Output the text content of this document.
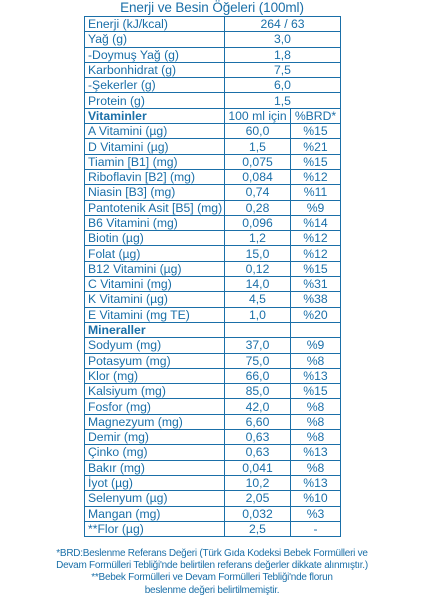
Enerji ve Besin Öğeleri (100ml)
Enerji (kJ/kcal)	264 / 63	
Yağ (g)	3,0	
-Doymuş Yağ (g)	1,8	
Karbonhidrat (g)	7,5	
-Şekerler (g)	6,0	
Protein (g)	1,5	
Vitaminler	100 ml için	%BRD*
A Vitamini (µg)	60,0	%15
D Vitamini (µg)	1,5	%21
Tiamin [B1] (mg)	0,075	%15
Riboflavin [B2] (mg)	0,084	%12
Niasin [B3] (mg)	0,74	%11
Pantotenik Asit [B5] (mg)	0,28	%9
B6 Vitamini (mg)	0,096	%14
Biotin (µg)	1,2	%12
Folat (µg)	15,0	%12
B12 Vitamini (µg)	0,12	%15
C Vitamini (mg)	14,0	%31
K Vitamini (µg)	4,5	%38
E Vitamini (mg TE)	1,0	%20
Mineraller		
Sodyum (mg)	37,0	%9
Potasyum (mg)	75,0	%8
Klor (mg)	66,0	%13
Kalsiyum (mg)	85,0	%15
Fosfor (mg)	42,0	%8
Magnezyum (mg)	6,60	%8
Demir (mg)	0,63	%8
Çinko (mg)	0,63	%13
Bakır (mg)	0,041	%8
İyot (µg)	10,2	%13
Selenyum (µg)	2,05	%10
Mangan (mg)	0,032	%3
**Flor (µg)	2,5	-
*BRD:Beslenme Referans Değeri (Türk Gıda Kodeksi Bebek Formülleri ve
Devam Formülleri Tebliği'nde belirtilen referans değerler dikkate alınmıştır.)
**Bebek Formülleri ve Devam Formülleri Tebliği'nde florun
beslenme değeri belirtilmemiştir.
